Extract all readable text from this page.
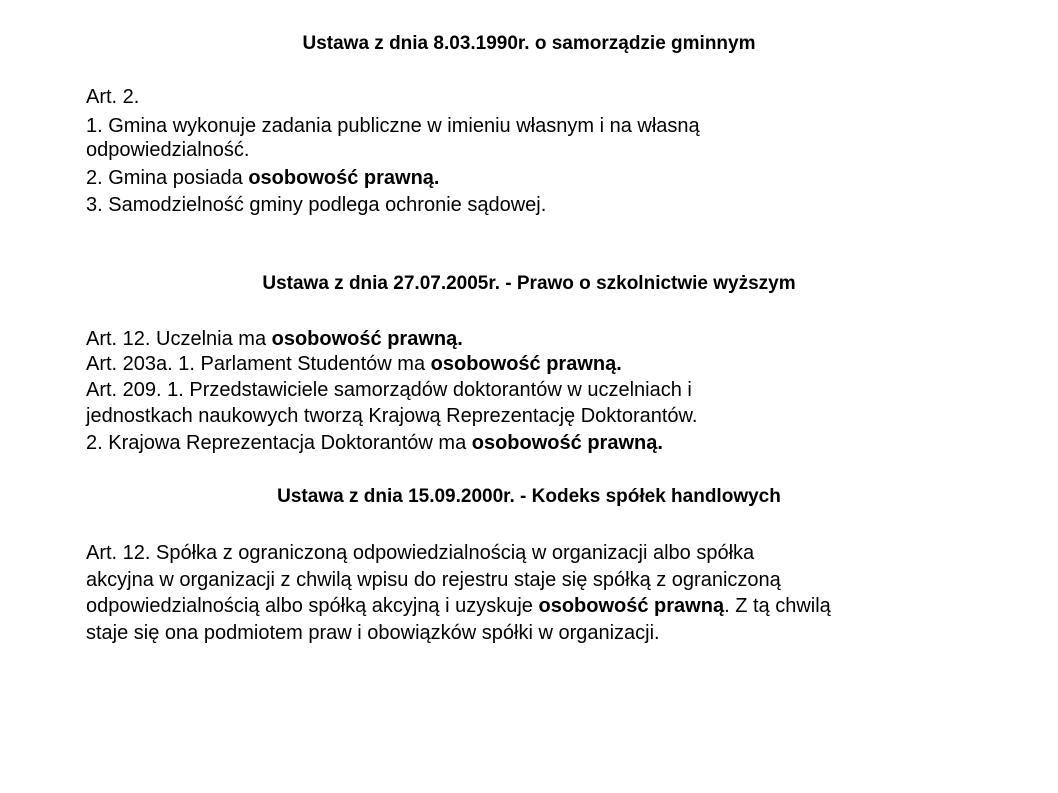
Ustawa z dnia 8.03.1990r. o samorządzie gminnym
Art. 2.
1. Gmina wykonuje zadania publiczne w imieniu własnym i na własną
odpowiedzialność.
2. Gmina posiada osobowość prawną.
3. Samodzielność gminy podlega ochronie sądowej.
Ustawa z dnia 27.07.2005r. - Prawo o szkolnictwie wyższym
Art. 12. Uczelnia ma osobowość prawną.
Art. 203a. 1. Parlament Studentów ma osobowość prawną.
Art. 209. 1. Przedstawiciele samorządów doktorantów w uczelniach i
jednostkach naukowych tworzą Krajową Reprezentację Doktorantów.
2. Krajowa Reprezentacja Doktorantów ma osobowość prawną.
Ustawa z dnia 15.09.2000r. - Kodeks spółek handlowych
Art. 12. Spółka z ograniczoną odpowiedzialnością w organizacji albo spółka
akcyjna w organizacji z chwilą wpisu do rejestru staje się spółką z ograniczoną
odpowiedzialnością albo spółką akcyjną i uzyskuje osobowość prawną. Z tą chwilą
staje się ona podmiotem praw i obowiązków spółki w organizacji.
